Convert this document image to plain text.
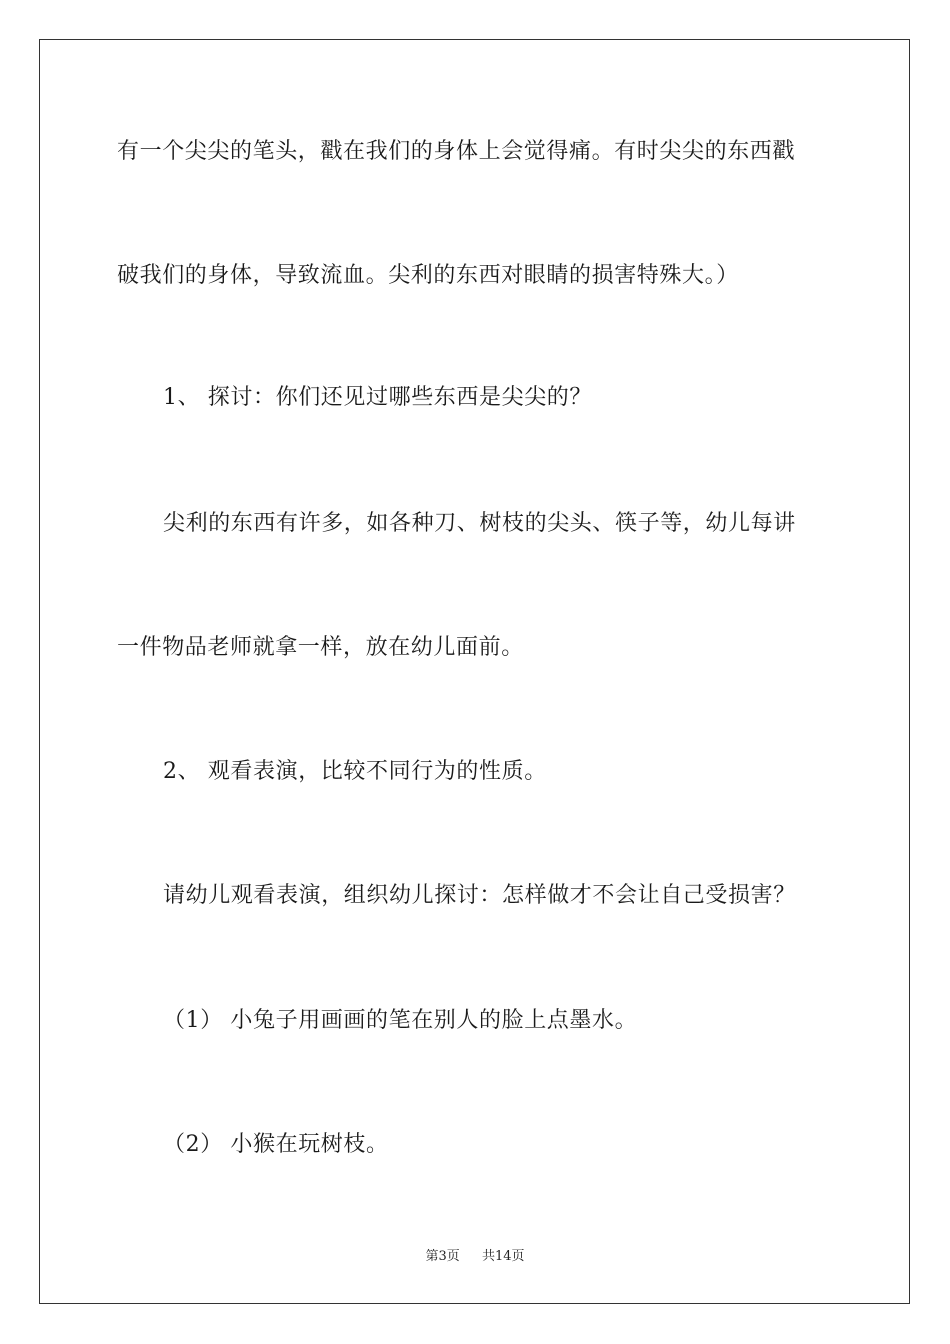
有一个尖尖的笔头，戳在我们的身体上会觉得痛。有时尖尖的东西戳
破我们的身体，导致流血。尖利的东西对眼睛的损害特殊大。）
1、 探讨：你们还见过哪些东西是尖尖的？
尖利的东西有许多，如各种刀、树枝的尖头、筷子等，幼儿每讲
一件物品老师就拿一样，放在幼儿面前。
2、 观看表演，比较不同行为的性质。
请幼儿观看表演，组织幼儿探讨：怎样做才不会让自己受损害？
（1） 小兔子用画画的笔在别人的脸上点墨水。
（2） 小猴在玩树枝。
第3页 共14页
